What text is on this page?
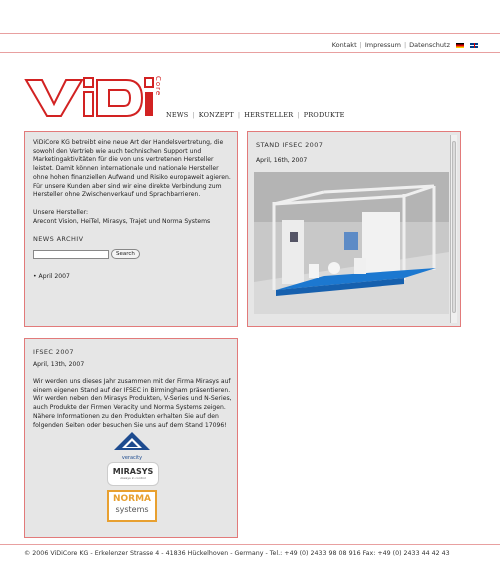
Kontakt | Impressum | Datenschutz
Core
NEWS | KONZEPT | HERSTELLER | PRODUKTE
ViDiCore KG betreibt eine neue Art der Handelsvertretung, die sowohl den Vertrieb wie auch technischen Support und Marketingaktivitäten für die von uns vertretenen Hersteller leistet. Damit können internationale und nationale Hersteller ohne hohen finanziellen Aufwand und Risiko europaweit agieren. Für unsere Kunden aber sind wir eine direkte Verbindung zum Hersteller ohne Zwischenverkauf und Sprachbarrieren.
Unsere Hersteller:
Arecont Vision, HeiTel, Mirasys, Trajet und Norma Systems
NEWS ARCHIV
Search
• April 2007
STAND IFSEC 2007
April, 16th, 2007
IFSEC 2007
April, 13th, 2007
Wir werden uns dieses Jahr zusammen mit der Firma Mirasys auf einem eigenen Stand auf der IFSEC in Birmingham präsentieren. Wir werden neben den Mirasys Produkten, V-Series und N-Series, auch Produkte der Firmen Veracity und Norma Systems zeigen. Nähere Informationen zu den Produkten erhalten Sie auf den folgenden Seiten oder besuchen Sie uns auf dem Stand 17096!
veracity
MIRASYS
Always in control
NORMA
systems
© 2006 ViDiCore KG - Erkelenzer Strasse 4 - 41836 Hückelhoven - Germany - Tel.: +49 (0) 2433 98 08 916 Fax: +49 (0) 2433 44 42 43
